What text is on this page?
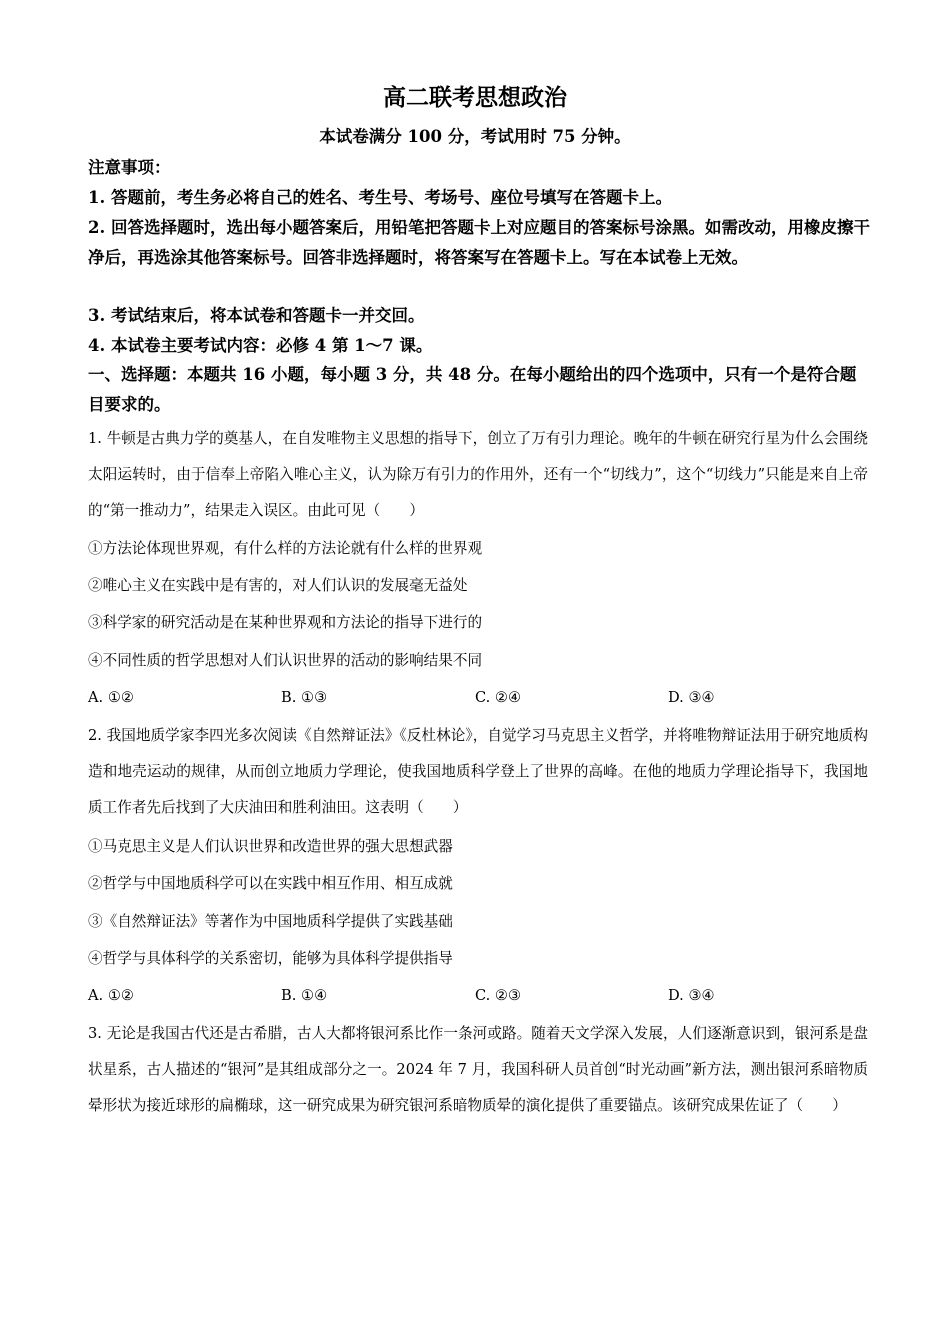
高二联考思想政治
本试卷满分 100 分，考试用时 75 分钟。
注意事项：
1. 答题前，考生务必将自己的姓名、考生号、考场号、座位号填写在答题卡上。
2. 回答选择题时，选出每小题答案后，用铅笔把答题卡上对应题目的答案标号涂黑。如需改动，用橡皮擦干净后，再选涂其他答案标号。回答非选择题时，将答案写在答题卡上。写在本试卷上无效。
3. 考试结束后，将本试卷和答题卡一并交回。
4. 本试卷主要考试内容：必修 4 第 1～7 课。
一、选择题：本题共 16 小题，每小题 3 分，共 48 分。在每小题给出的四个选项中，只有一个是符合题目要求的。
1. 牛顿是古典力学的奠基人，在自发唯物主义思想的指导下，创立了万有引力理论。晚年的牛顿在研究行星为什么会围绕太阳运转时，由于信奉上帝陷入唯心主义，认为除万有引力的作用外，还有一个“切线力”，这个“切线力”只能是来自上帝的“第一推动力”，结果走入误区。由此可见（　　）
①方法论体现世界观，有什么样的方法论就有什么样的世界观
②唯心主义在实践中是有害的，对人们认识的发展毫无益处
③科学家的研究活动是在某种世界观和方法论的指导下进行的
④不同性质的哲学思想对人们认识世界的活动的影响结果不同
A. ①②	B. ①③	C. ②④	D. ③④
2. 我国地质学家李四光多次阅读《自然辩证法》《反杜林论》，自觉学习马克思主义哲学，并将唯物辩证法用于研究地质构造和地壳运动的规律，从而创立地质力学理论，使我国地质科学登上了世界的高峰。在他的地质力学理论指导下，我国地质工作者先后找到了大庆油田和胜利油田。这表明（　　）
①马克思主义是人们认识世界和改造世界的强大思想武器
②哲学与中国地质科学可以在实践中相互作用、相互成就
③《自然辩证法》等著作为中国地质科学提供了实践基础
④哲学与具体科学的关系密切，能够为具体科学提供指导
A. ①②	B. ①④	C. ②③	D. ③④
3. 无论是我国古代还是古希腊，古人大都将银河系比作一条河或路。随着天文学深入发展，人们逐渐意识到，银河系是盘状星系，古人描述的“银河”是其组成部分之一。2024 年 7 月，我国科研人员首创“时光动画”新方法，测出银河系暗物质晕形状为接近球形的扁椭球，这一研究成果为研究银河系暗物质晕的演化提供了重要锚点。该研究成果佐证了（　　）
